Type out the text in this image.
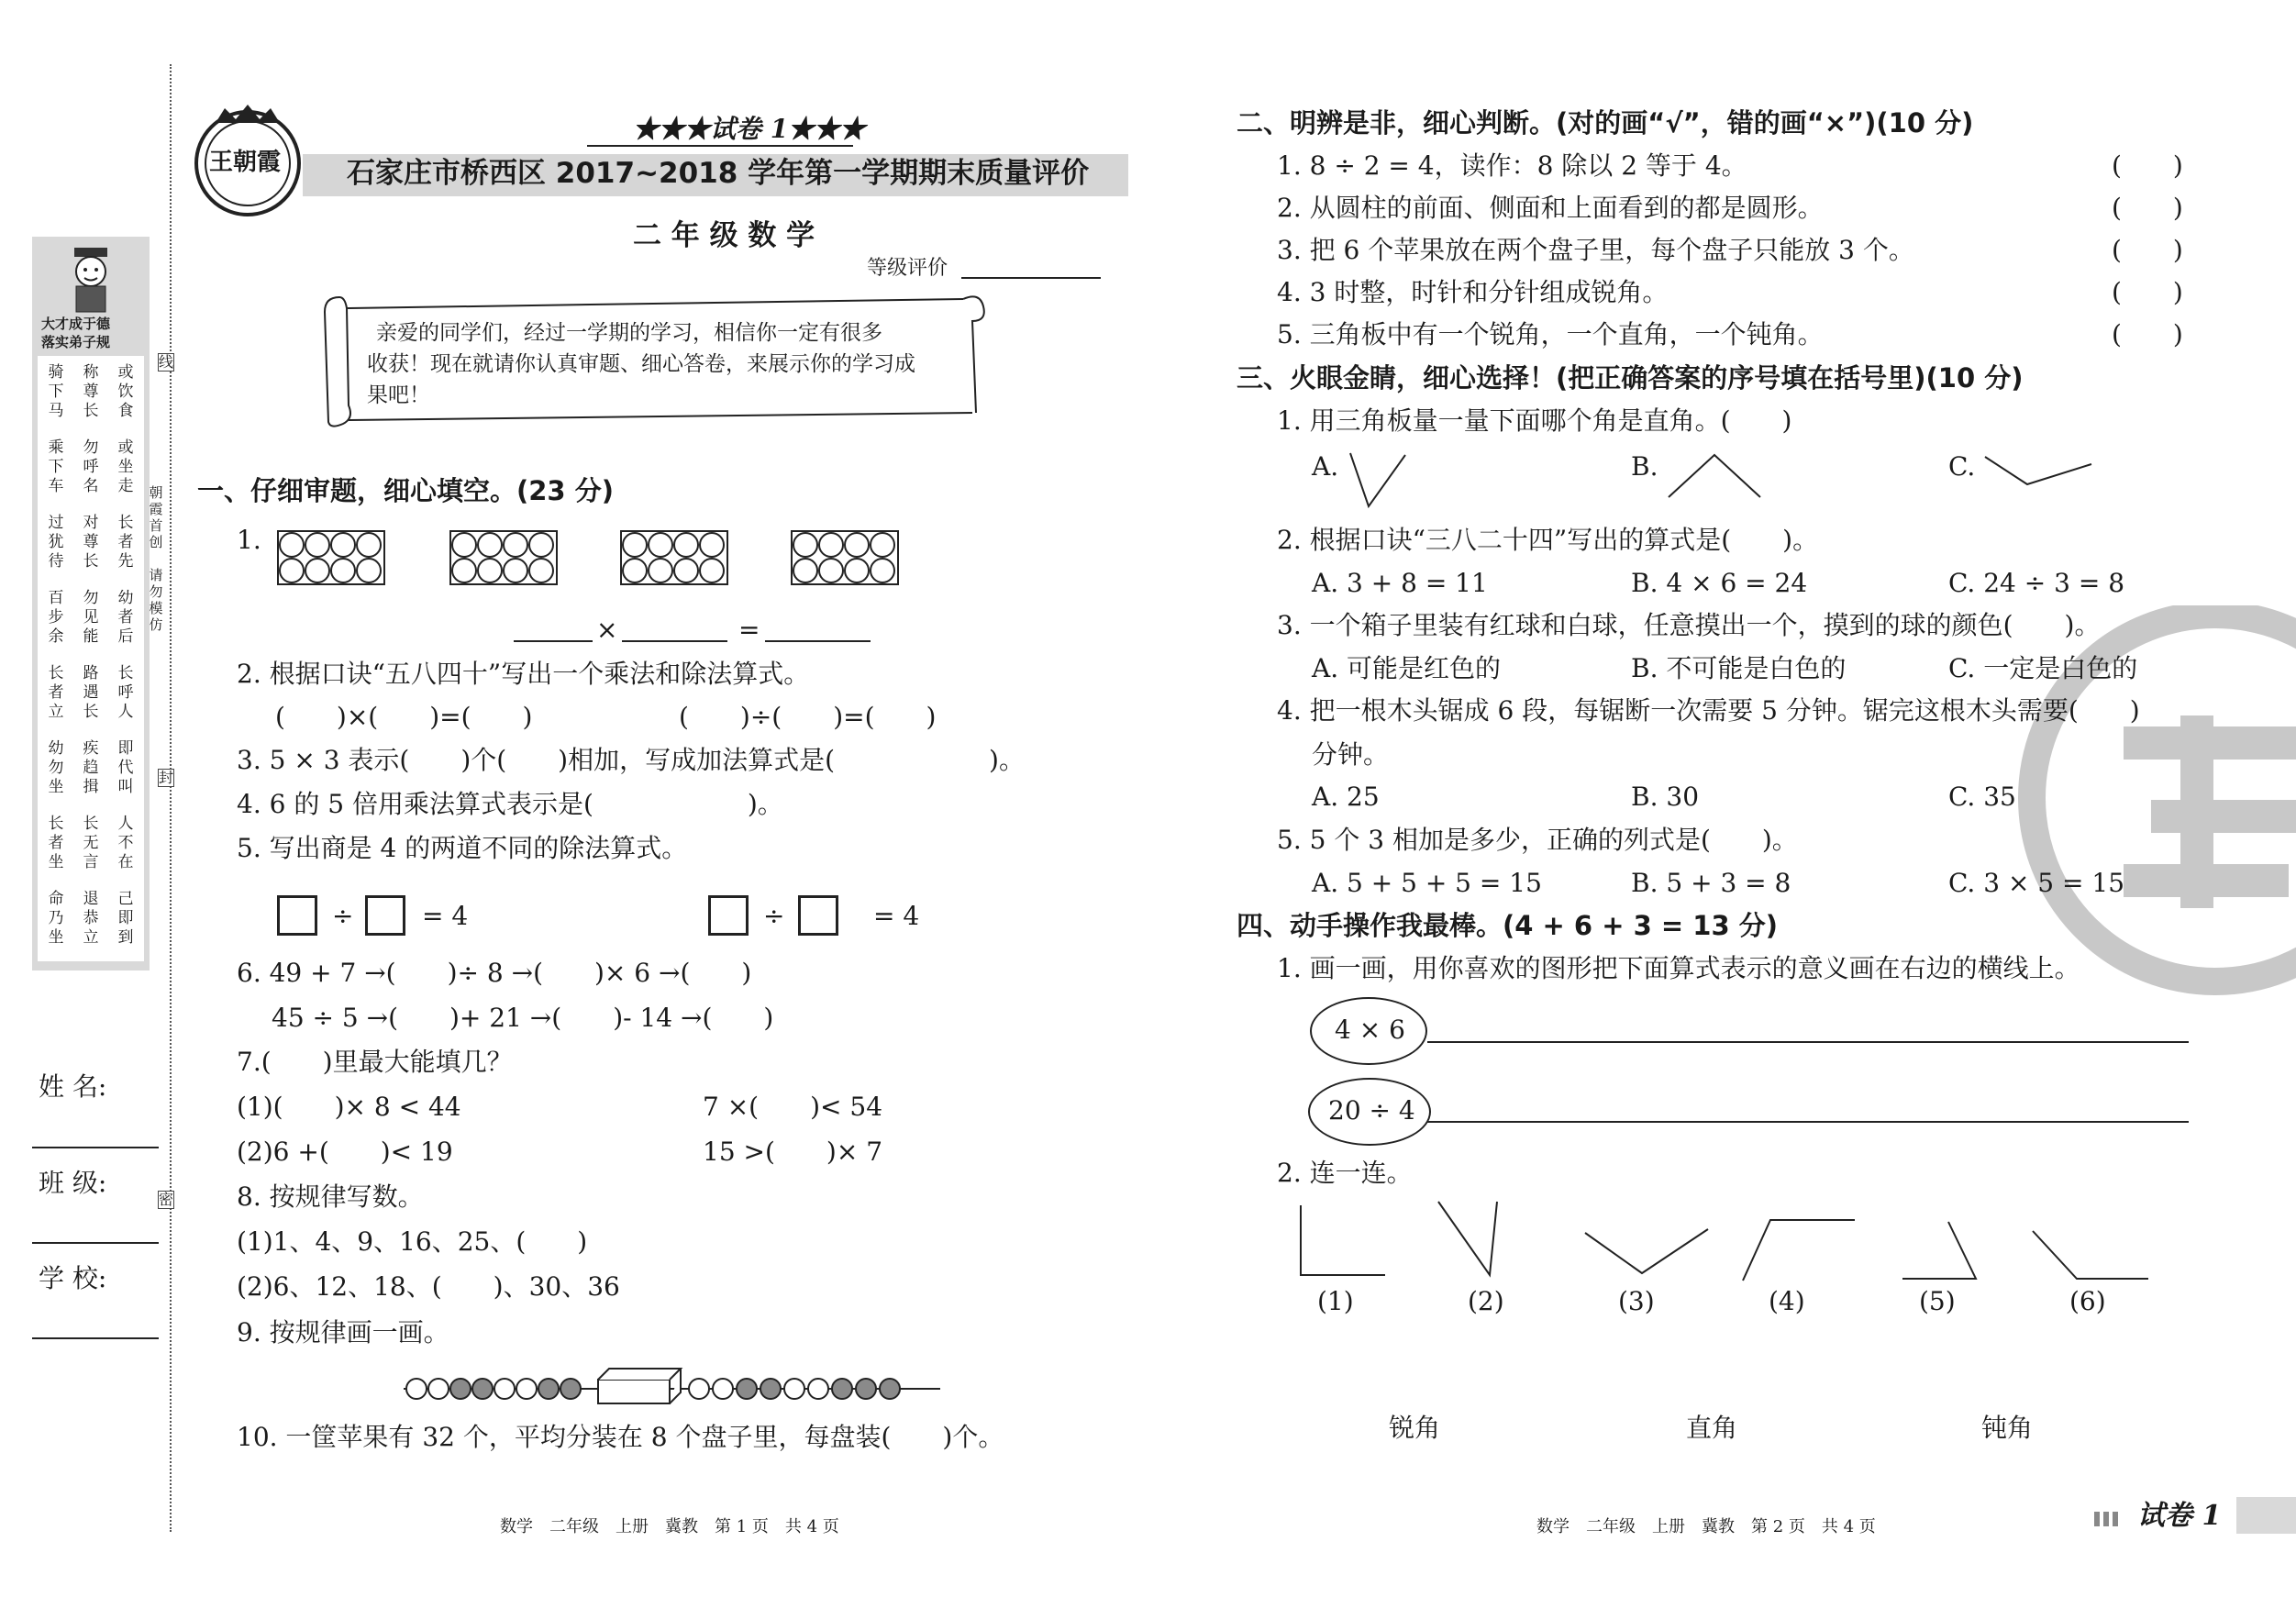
大才成于德
落实弟子规
骑下马
称尊长
或饮食
乘下车
勿呼名
或坐走
过犹待
对尊长
长者先
百步余
勿见能
幼者后
长者立
路遇长
长呼人
幼勿坐
疾趋揖
即代叫
长者坐
长无言
人不在
命乃坐
退恭立
己即到
姓 名:
班 级:
学 校:
线
封
密
朝霞首创
请勿模仿
王朝霞
★★★试卷 1★★★
石家庄市桥西区 2017~2018 学年第一学期期末质量评价
二 年 级 数 学
等级评价
亲爱的同学们，经过一学期的学习，相信你一定有很多
收获！现在就请你认真审题、细心答卷，来展示你的学习成
果吧！
一、仔细审题，细心填空。(23 分)
1.
×	=
2. 根据口诀“五八四十”写出一个乘法和除法算式。
(　　)×(　　)=(　　)	(　　)÷(　　)=(　　)
3. 5 × 3 表示(　　)个(　　)相加，写成加法算式是(　　　　　　)。
4. 6 的 5 倍用乘法算式表示是(　　　　　　)。
5. 写出商是 4 的两道不同的除法算式。
÷	= 4	÷	= 4
6. 49 + 7 →(　　)÷ 8 →(　　)× 6 →(　　)
45 ÷ 5 →(　　)+ 21 →(　　)- 14 →(　　)
7.(　　)里最大能填几？
(1)(　　)× 8 < 44	7 ×(　　)< 54
(2)6 +(　　)< 19	15 >(　　)× 7
8. 按规律写数。
(1)1、4、9、16、25、(　　)
(2)6、12、18、(　　)、30、36
9. 按规律画一画。
10. 一筐苹果有 32 个，平均分装在 8 个盘子里，每盘装(　　)个。
数学　二年级　上册　冀教　第 1 页　共 4 页
二、明辨是非，细心判断。(对的画“√”，错的画“×”)(10 分)
1. 8 ÷ 2 = 4，读作：8 除以 2 等于 4。	(　　)
2. 从圆柱的前面、侧面和上面看到的都是圆形。	(　　)
3. 把 6 个苹果放在两个盘子里，每个盘子只能放 3 个。	(　　)
4. 3 时整，时针和分针组成锐角。	(　　)
5. 三角板中有一个锐角，一个直角，一个钝角。	(　　)
三、火眼金睛，细心选择！(把正确答案的序号填在括号里)(10 分)
1. 用三角板量一量下面哪个角是直角。(　　)
A.	B.	C.
2. 根据口诀“三八二十四”写出的算式是(　　)。
A. 3 + 8 = 11	B. 4 × 6 = 24	C. 24 ÷ 3 = 8
3. 一个箱子里装有红球和白球，任意摸出一个，摸到的球的颜色(　　)。
A. 可能是红色的	B. 不可能是白色的	C. 一定是白色的
4. 把一根木头锯成 6 段，每锯断一次需要 5 分钟。锯完这根木头需要(　　)
分钟。
A. 25	B. 30	C. 35
5. 5 个 3 相加是多少，正确的列式是(　　)。
A. 5 + 5 + 5 = 15	B. 5 + 3 = 8	C. 3 × 5 = 15
四、动手操作我最棒。(4 + 6 + 3 = 13 分)
1. 画一画，用你喜欢的图形把下面算式表示的意义画在右边的横线上。
4 × 6
20 ÷ 4
2. 连一连。
(1)	(2)	(3)	(4)	(5)	(6)
锐角	直角	钝角
数学　二年级　上册　冀教　第 2 页　共 4 页	试卷 1
